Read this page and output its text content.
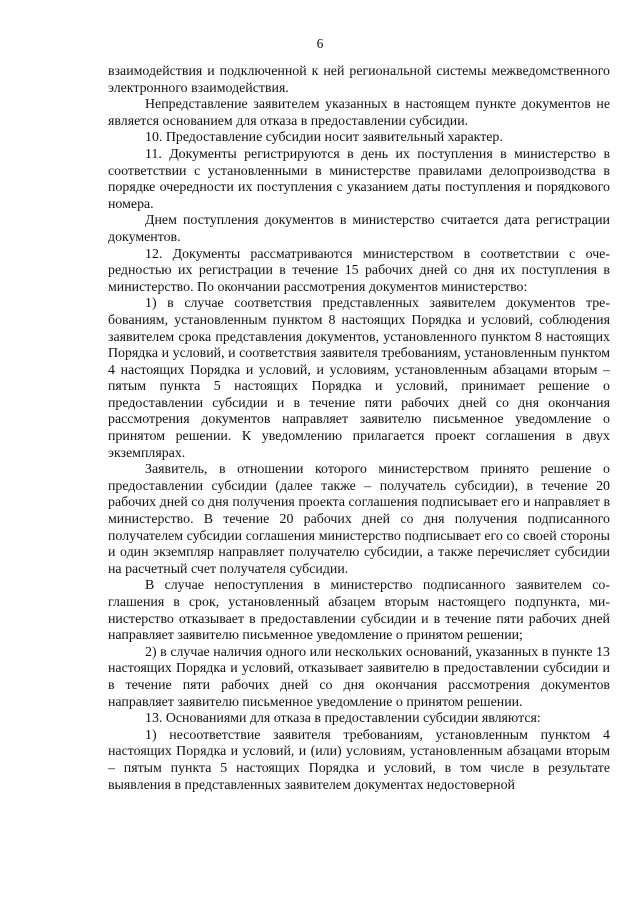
6

взаимодействия и подключенной к ней региональной системы межведомственного электронного взаимодействия.

Непредставление заявителем указанных в настоящем пункте документов не является основанием для отказа в предоставлении субсидии.

10. Предоставление субсидии носит заявительный характер.

11. Документы регистрируются в день их поступления в министерство в соответствии с установленными в министерстве правилами делопроизводства в порядке очередности их поступления с указанием даты поступления и порядкового номера.

Днем поступления документов в министерство считается дата регистрации документов.

12. Документы рассматриваются министерством в соответствии с очередностью их регистрации в течение 15 рабочих дней со дня их поступления в министерство. По окончании рассмотрения документов министерство:

1) в случае соответствия представленных заявителем документов требованиям, установленным пунктом 8 настоящих Порядка и условий, соблюдения заявителем срока представления документов, установленного пунктом 8 настоящих Порядка и условий, и соответствия заявителя требованиям, установленным пунктом 4 настоящих Порядка и условий, и условиям, установленным абзацами вторым – пятым пункта 5 настоящих Порядка и условий, принимает решение о предоставлении субсидии и в течение пяти рабочих дней со дня окончания рассмотрения документов направляет заявителю письменное уведомление о принятом решении. К уведомлению прилагается проект соглашения в двух экземплярах.

Заявитель, в отношении которого министерством принято решение о предоставлении субсидии (далее также – получатель субсидии), в течение 20 рабочих дней со дня получения проекта соглашения подписывает его и направляет в министерство. В течение 20 рабочих дней со дня получения подписанного получателем субсидии соглашения министерство подписывает его со своей стороны и один экземпляр направляет получателю субсидии, а также перечисляет субсидии на расчетный счет получателя субсидии.

В случае непоступления в министерство подписанного заявителем соглашения в срок, установленный абзацем вторым настоящего подпункта, министерство отказывает в предоставлении субсидии и в течение пяти рабочих дней направляет заявителю письменное уведомление о принятом решении;

2) в случае наличия одного или нескольких оснований, указанных в пункте 13 настоящих Порядка и условий, отказывает заявителю в предоставлении субсидии и в течение пяти рабочих дней со дня окончания рассмотрения документов направляет заявителю письменное уведомление о принятом решении.

13. Основаниями для отказа в предоставлении субсидии являются:

1) несоответствие заявителя требованиям, установленным пунктом 4 настоящих Порядка и условий, и (или) условиям, установленным абзацами вторым – пятым пункта 5 настоящих Порядка и условий, в том числе в результате выявления в представленных заявителем документах недостоверной
